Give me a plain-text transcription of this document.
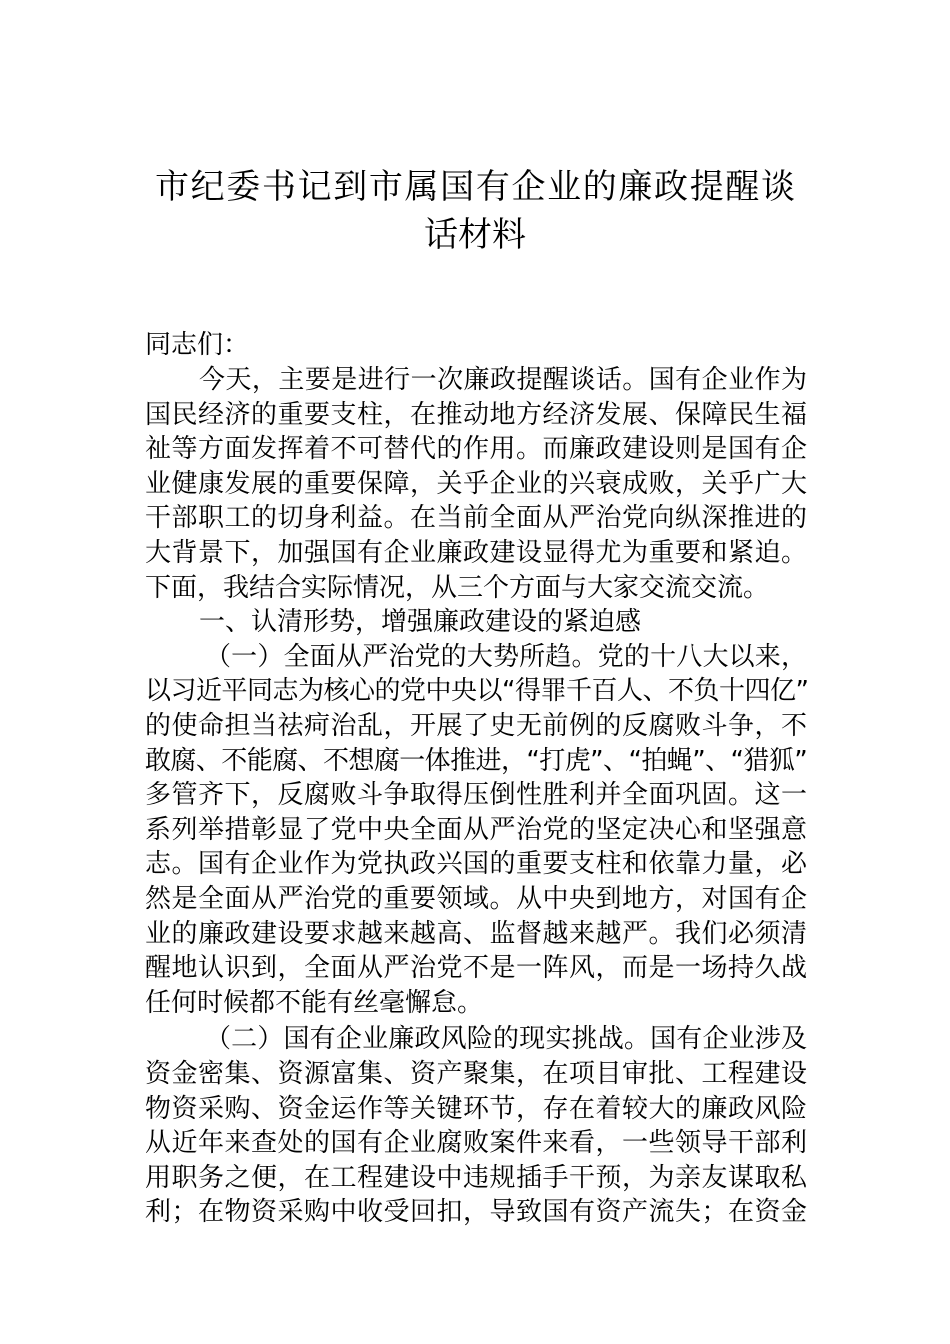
市纪委书记到市属国有企业的廉政提醒谈
话材料
同志们：
今天，主要是进行一次廉政提醒谈话。国有企业作为
国民经济的重要支柱，在推动地方经济发展、保障民生福
祉等方面发挥着不可替代的作用。而廉政建设则是国有企
业健康发展的重要保障，关乎企业的兴衰成败，关乎广大
干部职工的切身利益。在当前全面从严治党向纵深推进的
大背景下，加强国有企业廉政建设显得尤为重要和紧迫。
下面，我结合实际情况，从三个方面与大家交流交流。
一、认清形势，增强廉政建设的紧迫感
（一）全面从严治党的大势所趋。党的十八大以来，
以习近平同志为核心的党中央以“得罪千百人、不负十四亿”
的使命担当祛疴治乱，开展了史无前例的反腐败斗争，不
敢腐、不能腐、不想腐一体推进，“打虎”、“拍蝇”、“猎狐”
多管齐下，反腐败斗争取得压倒性胜利并全面巩固。这一
系列举措彰显了党中央全面从严治党的坚定决心和坚强意
志。国有企业作为党执政兴国的重要支柱和依靠力量，必
然是全面从严治党的重要领域。从中央到地方，对国有企
业的廉政建设要求越来越高、监督越来越严。我们必须清
醒地认识到，全面从严治党不是一阵风，而是一场持久战
任何时候都不能有丝毫懈怠。
（二）国有企业廉政风险的现实挑战。国有企业涉及
资金密集、资源富集、资产聚集，在项目审批、工程建设
物资采购、资金运作等关键环节，存在着较大的廉政风险
从近年来查处的国有企业腐败案件来看，一些领导干部利
用职务之便，在工程建设中违规插手干预，为亲友谋取私
利；在物资采购中收受回扣，导致国有资产流失；在资金
